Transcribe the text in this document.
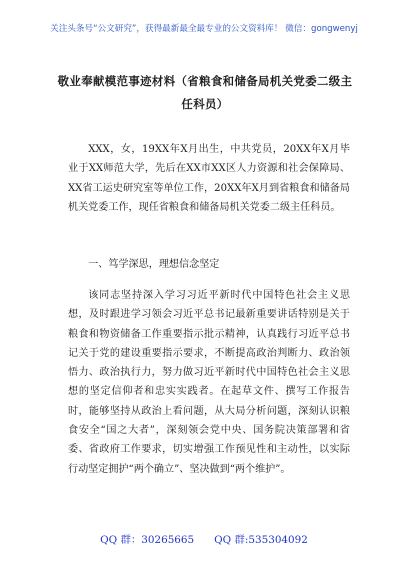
关注头条号“公文研究”，获得最新最全最专业的公文资料库！ 微信：gongwenyj
敬业奉献模范事迹材料（省粮食和储备局机关党委二级主任科员）

XXX，女，19XX年X月出生，中共党员，20XX年X月毕业于XX师范大学，先后在XX市XX区人力资源和社会保障局、XX省工运史研究室等单位工作，20XX年X月到省粮食和储备局机关党委工作，现任省粮食和储备局机关党委二级主任科员。

一、笃学深思，理想信念坚定

该同志坚持深入学习习近平新时代中国特色社会主义思想，及时跟进学习领会习近平总书记最新重要讲话特别是关于粮食和物资储备工作重要指示批示精神，认真践行习近平总书记关于党的建设重要指示要求，不断提高政治判断力、政治领悟力、政治执行力，努力做习近平新时代中国特色社会主义思想的坚定信仰者和忠实实践者。在起草文件、撰写工作报告时，能够坚持从政治上看问题，从大局分析问题，深刻认识粮食安全“国之大者”，深刻领会党中央、国务院决策部署和省委、省政府工作要求，切实增强工作预见性和主动性，以实际行动坚定拥护“两个确立”、坚决做到“两个维护”。

QQ 群：30265665 QQ 群:535304092
